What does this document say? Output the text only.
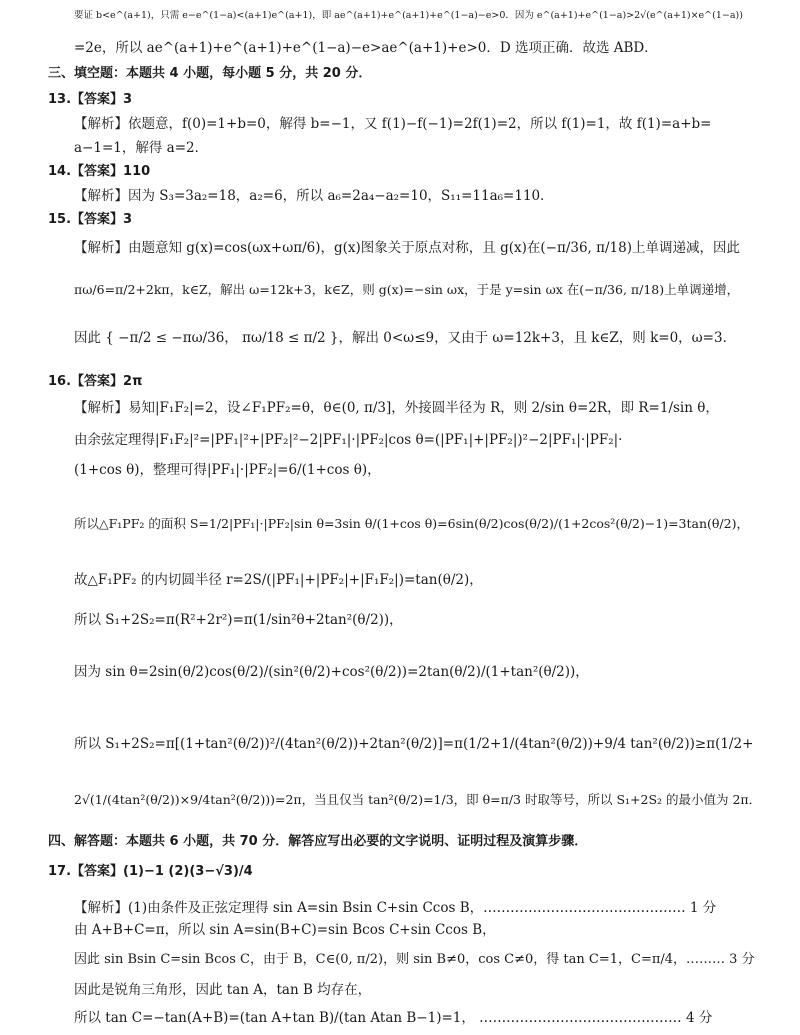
要证 b<e^(a+1)，只需 e−e^(1−a)<(a+1)e^(a+1)，即 ae^(a+1)+e^(a+1)+e^(1−a)−e>0．因为 e^(a+1)+e^(1−a)>2√(e^(a+1)×e^(1−a))
=2e，所以 ae^(a+1)+e^(a+1)+e^(1−a)−e>ae^(a+1)+e>0．D 选项正确．故选 ABD．
三、填空题：本题共 4 小题，每小题 5 分，共 20 分．
13.【答案】3
【解析】依题意，f(0)=1+b=0，解得 b=−1，又 f(1)−f(−1)=2f(1)=2，所以 f(1)=1，故 f(1)=a+b=
a−1=1，解得 a=2．
14.【答案】110
【解析】因为 S₃=3a₂=18，a₂=6，所以 a₆=2a₄−a₂=10，S₁₁=11a₆=110．
15.【答案】3
【解析】由题意知 g(x)=cos(ωx+ωπ/6)，g(x)图象关于原点对称，且 g(x)在(−π/36, π/18)上单调递减，因此
πω/6=π/2+2kπ，k∈Z，解出 ω=12k+3，k∈Z，则 g(x)=−sin ωx，于是 y=sin ωx 在(−π/36, π/18)上单调递增，
因此 { −π/2 ≤ −πω/36， πω/18 ≤ π/2 }，解出 0<ω≤9，又由于 ω=12k+3，且 k∈Z，则 k=0，ω=3．
16.【答案】2π
【解析】易知|F₁F₂|=2，设∠F₁PF₂=θ，θ∈(0, π/3]，外接圆半径为 R，则 2/sin θ=2R，即 R=1/sin θ，
由余弦定理得|F₁F₂|²=|PF₁|²+|PF₂|²−2|PF₁|·|PF₂|cos θ=(|PF₁|+|PF₂|)²−2|PF₁|·|PF₂|·
(1+cos θ)，整理可得|PF₁|·|PF₂|=6/(1+cos θ)，
所以△F₁PF₂ 的面积 S=1/2|PF₁|·|PF₂|sin θ=3sin θ/(1+cos θ)=6sin(θ/2)cos(θ/2)/(1+2cos²(θ/2)−1)=3tan(θ/2)，
故△F₁PF₂ 的内切圆半径 r=2S/(|PF₁|+|PF₂|+|F₁F₂|)=tan(θ/2)，
所以 S₁+2S₂=π(R²+2r²)=π(1/sin²θ+2tan²(θ/2))，
因为 sin θ=2sin(θ/2)cos(θ/2)/(sin²(θ/2)+cos²(θ/2))=2tan(θ/2)/(1+tan²(θ/2))，
所以 S₁+2S₂=π[(1+tan²(θ/2))²/(4tan²(θ/2))+2tan²(θ/2)]=π(1/2+1/(4tan²(θ/2))+9/4 tan²(θ/2))≥π(1/2+
2√(1/(4tan²(θ/2))×9/4tan²(θ/2)))=2π，当且仅当 tan²(θ/2)=1/3，即 θ=π/3 时取等号，所以 S₁+2S₂ 的最小值为 2π．
四、解答题：本题共 6 小题，共 70 分．解答应写出必要的文字说明、证明过程及演算步骤．
17.【答案】(1)−1 (2)(3−√3)/4
【解析】(1)由条件及正弦定理得 sin A=sin Bsin C+sin Ccos B，……………………………………… 1 分
由 A+B+C=π，所以 sin A=sin(B+C)=sin Bcos C+sin Ccos B，
因此 sin Bsin C=sin Bcos C，由于 B，C∈(0, π/2)，则 sin B≠0，cos C≠0，得 tan C=1，C=π/4，……… 3 分
因此是锐角三角形，因此 tan A，tan B 均存在，
所以 tan C=−tan(A+B)=(tan A+tan B)/(tan Atan B−1)=1， ……………………………………… 4 分
